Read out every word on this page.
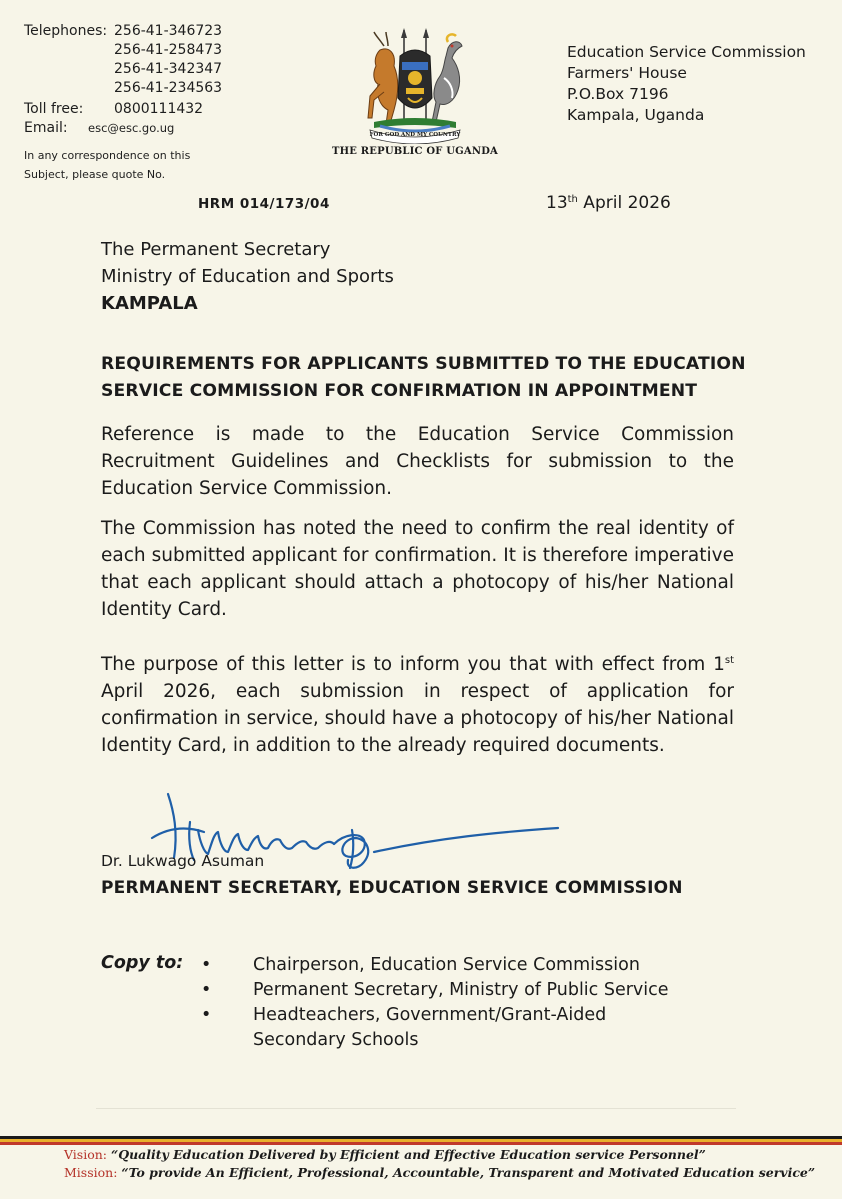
Telephones: 256-41-346723
256-41-258473
256-41-342347
256-41-234563
Toll free:	0800111432
Email:	esc@esc.go.ug
In any correspondence on this
Subject, please quote No.
FOR GOD AND MY COUNTRY
THE REPUBLIC OF UGANDA
Education Service Commission
Farmers' House
P.O.Box 7196
Kampala, Uganda
HRM 014/173/04	13th April 2026
The Permanent Secretary
Ministry of Education and Sports
KAMPALA
REQUIREMENTS FOR APPLICANTS SUBMITTED TO THE EDUCATION SERVICE COMMISSION FOR CONFIRMATION IN APPOINTMENT
Reference is made to the Education Service Commission Recruitment Guidelines and Checklists for submission to the Education Service Commission.
The Commission has noted the need to confirm the real identity of each submitted applicant for confirmation. It is therefore imperative that each applicant should attach a photocopy of his/her National Identity Card.
The purpose of this letter is to inform you that with effect from 1st April 2026, each submission in respect of application for confirmation in service, should have a photocopy of his/her National Identity Card, in addition to the already required documents.
Dr. Lukwago Asuman
PERMANENT SECRETARY, EDUCATION SERVICE COMMISSION
Copy to: •	Chairperson, Education Service Commission
•	Permanent Secretary, Ministry of Public Service
•	Headteachers, Government/Grant-Aided Secondary Schools
Vision: “Quality Education Delivered by Efficient and Effective Education service Personnel”
Mission: “To provide An Efficient, Professional, Accountable, Transparent and Motivated Education service”
